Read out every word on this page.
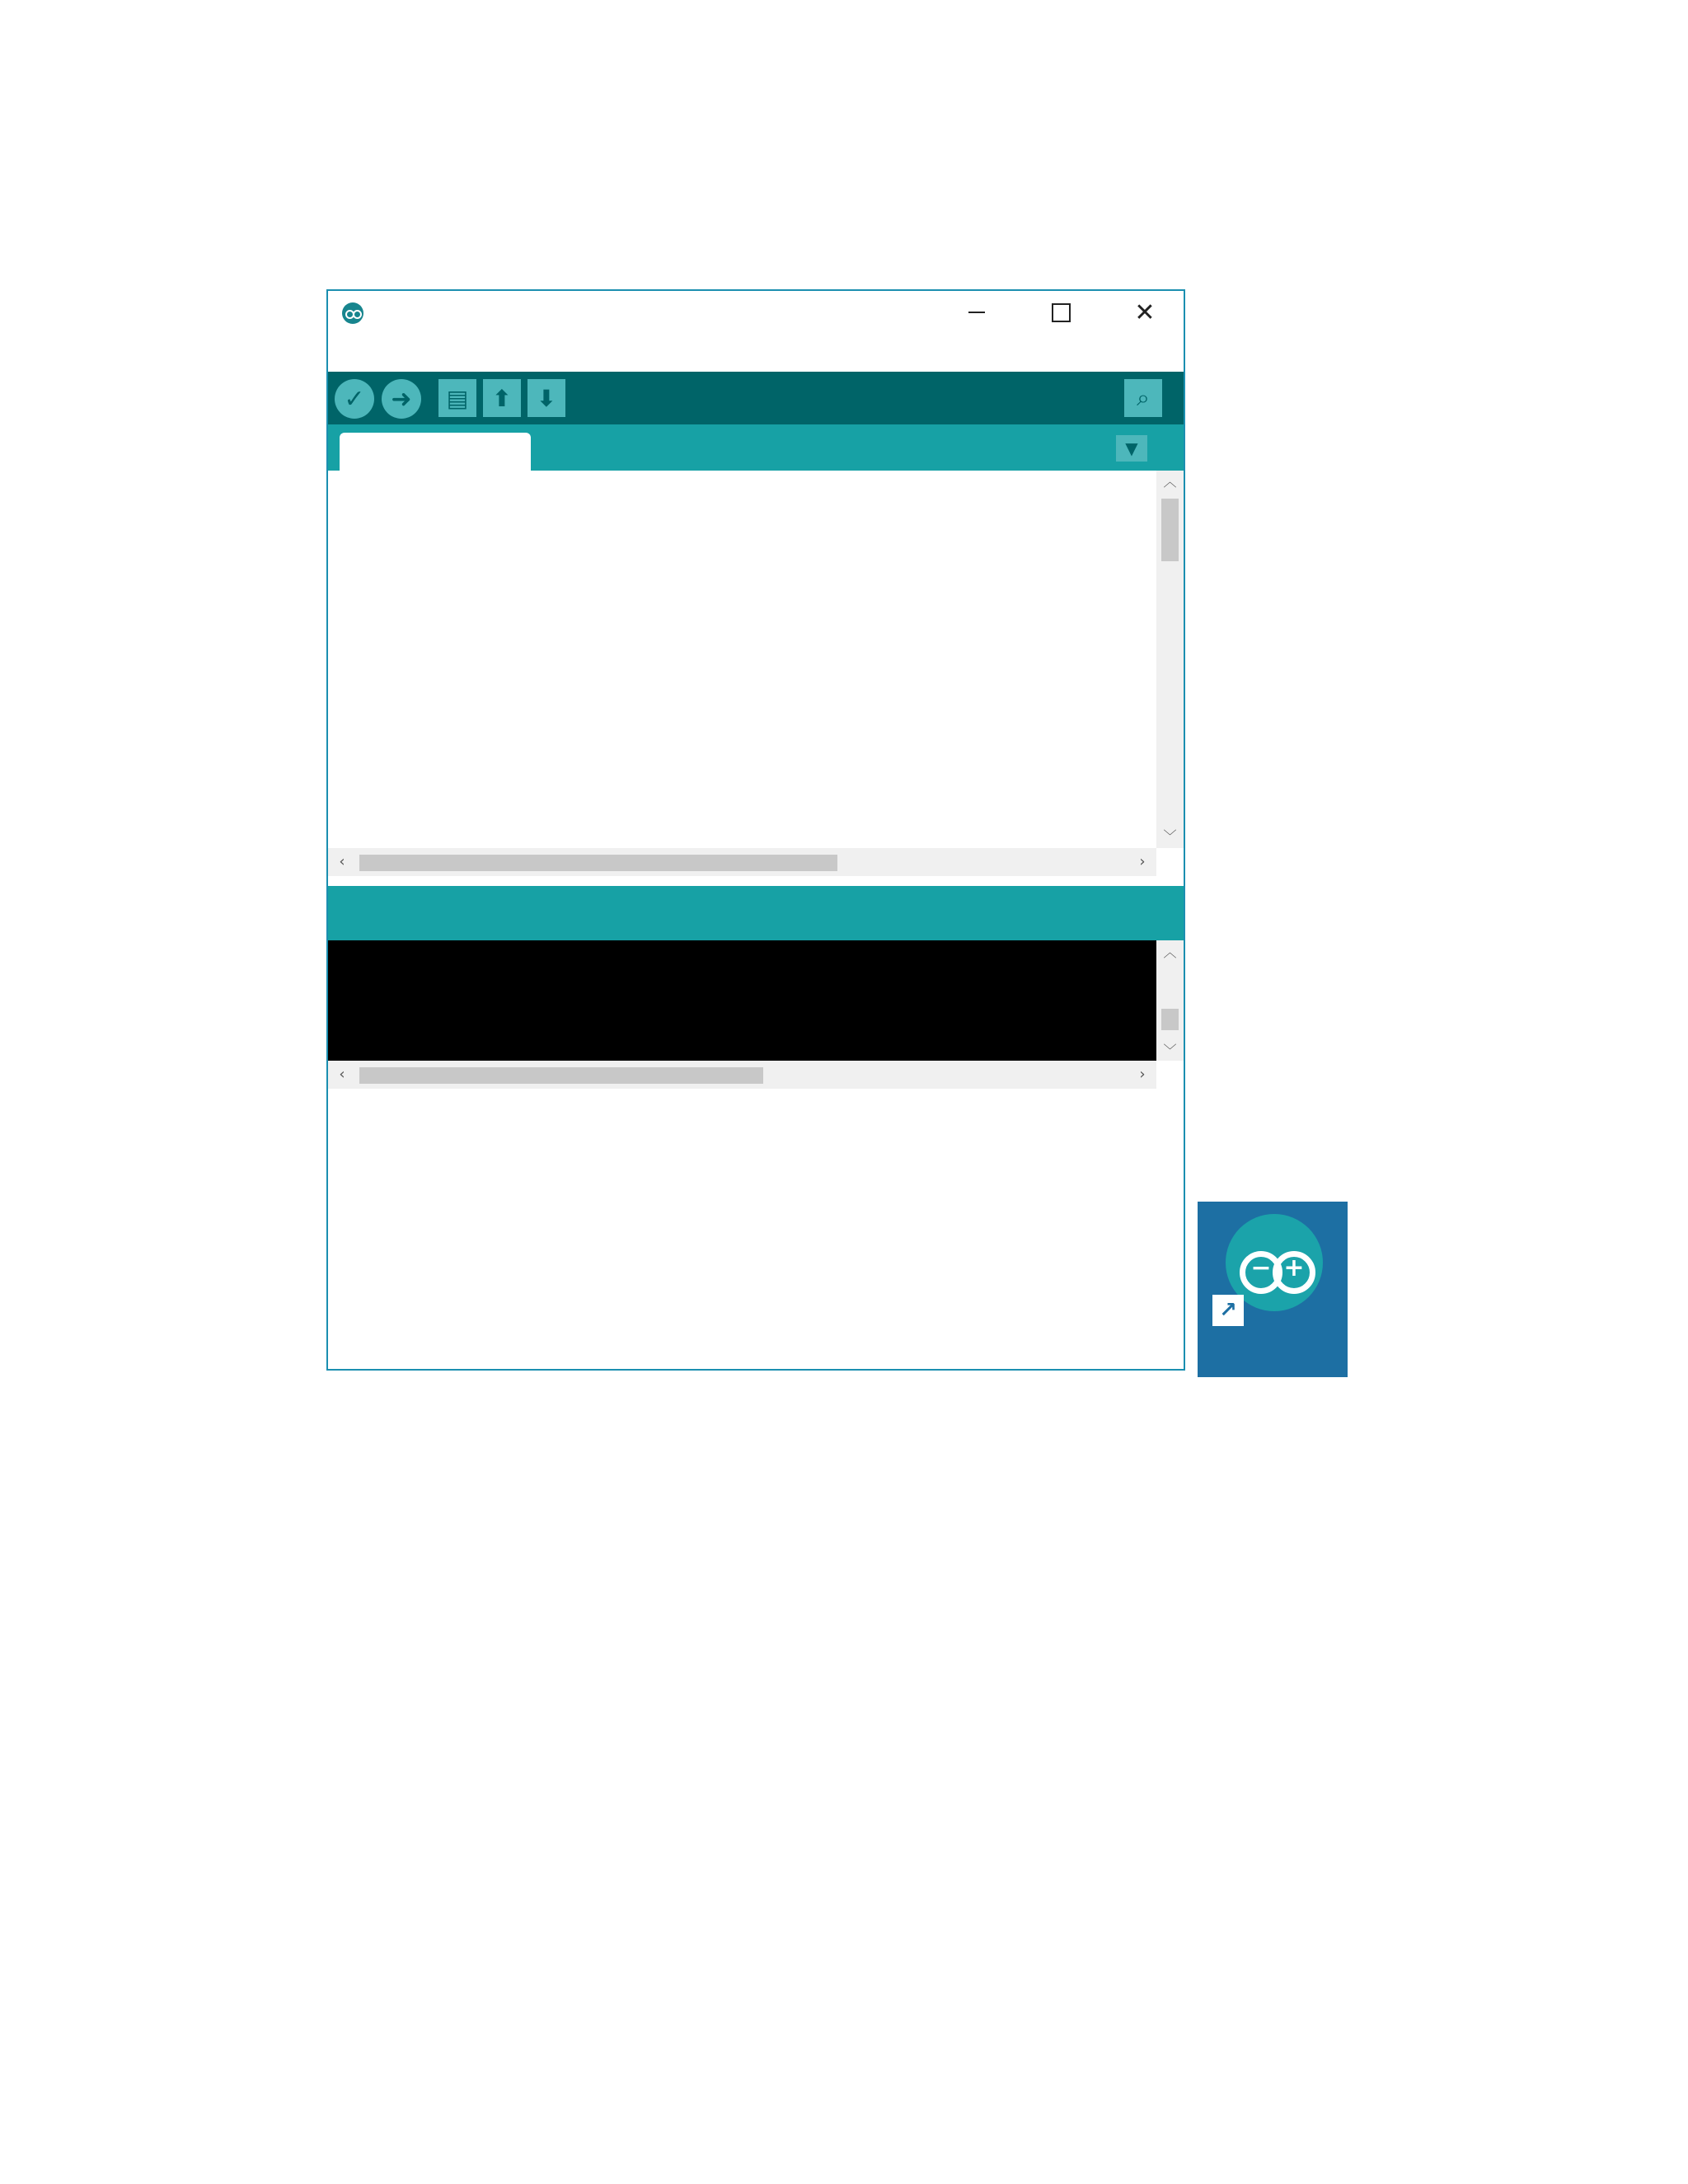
✕
✓ ➜ ▤ ⬆ ⬇	⌕
▼
︿
﹀
‹	›
︿
﹀
‹	›
− +
↗
